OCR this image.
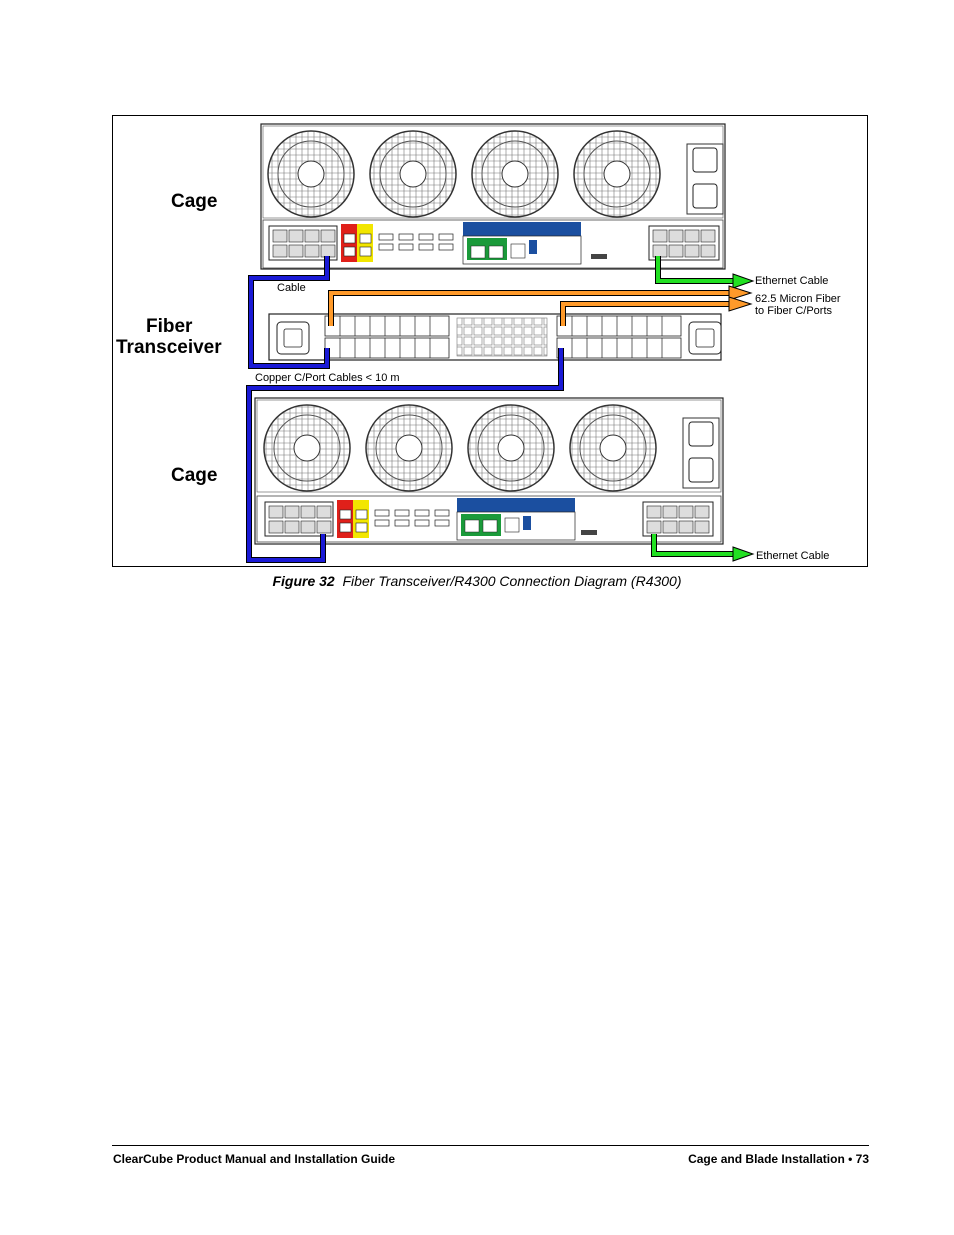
Cage
Fiber
Transceiver
Cage
Cable
Copper C/Port Cables < 10 m
Ethernet Cable
62.5 Micron Fiber
to Fiber C/Ports
Ethernet Cable
Figure 32 Fiber Transceiver/R4300 Connection Diagram (R4300)
ClearCube Product Manual and Installation Guide	Cage and Blade Installation • 73
